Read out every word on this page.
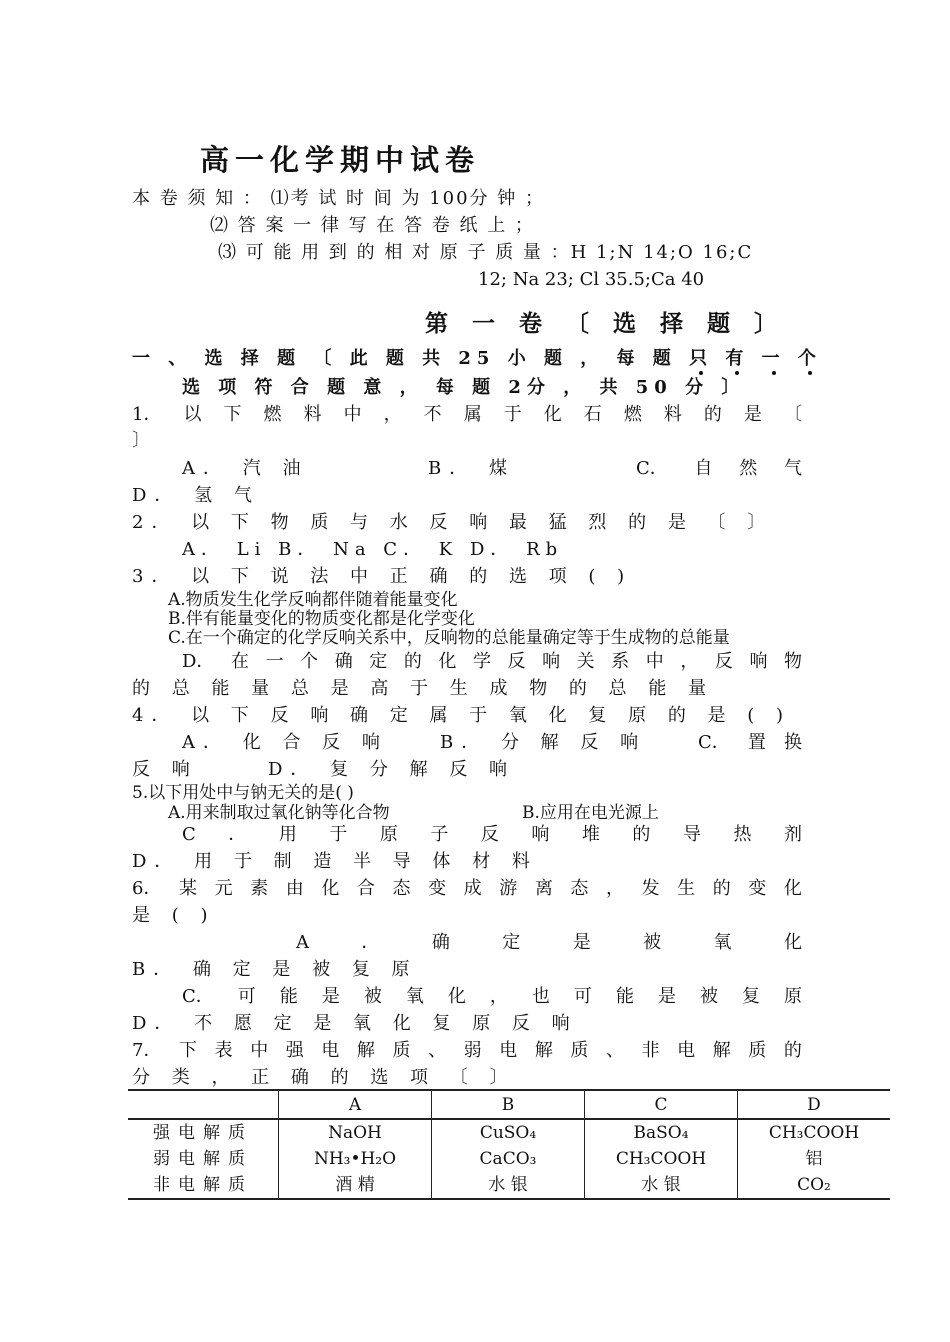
高一化学期中试卷
本 卷 须 知 ： ⑴考 试 时 间 为 100分 钟 ；
⑵ 答 案 一 律 写 在 答 卷 纸 上 ；
⑶ 可 能 用 到 的 相 对 原 子 质 量 ：H 1;N 14;O 16;C
12; Na 23; Cl 35.5;Ca 40
第 一 卷 〔 选 择 题 〕
一 、 选 择 题 〔 此 题 共 25 小 题 ， 每 题 只 有 一 个
选 项 符 合 题 意 ， 每 题 2分 ， 共 50 分 〕
1． 以 下 燃 料 中 ， 不 属 于 化 石 燃 料 的 是 〔
〕
A． 汽 油	B． 煤	C． 自 然 气
D． 氢 气
2． 以 下 物 质 与 水 反 响 最 猛 烈 的 是 〔 〕
A． Li B． Na C． K D． Rb
3． 以 下 说 法 中 正 确 的 选 项 ( )
A.物质发生化学反响都伴随着能量变化
B.伴有能量变化的物质变化都是化学变化
C.在一个确定的化学反响关系中，反响物的总能量确定等于生成物的总能量
D． 在 一 个 确 定 的 化 学 反 响 关 系 中 ， 反 响 物
的 总 能 量 总 是 高 于 生 成 物 的 总 能 量
4． 以 下 反 响 确 定 属 于 氧 化 复 原 的 是 ( )
A． 化 合 反 响	B． 分 解 反 响	C． 置 换
反 响	D． 复 分 解 反 响
5.以下用处中与钠无关的是( )
A.用来制取过氧化钠等化合物	B.应用在电光源上
C ． 用 于 原 子 反 响 堆 的 导 热 剂
D． 用 于 制 造 半 导 体 材 料
6． 某 元 素 由 化 合 态 变 成 游 离 态 ， 发 生 的 变 化
是 ( )
A	．	确	定	是	被	氧	化
B． 确 定 是 被 复 原
C． 可 能 是 被 氧 化 ， 也 可 能 是 被 复 原
D． 不 愿 定 是 氧 化 复 原 反 响
7． 下 表 中 强 电 解 质 、 弱 电 解 质 、 非 电 解 质 的
分 类 ， 正 确 的 选 项 〔 〕
	A	B	C	D
强电解质	NaOH	CuSO₄	BaSO₄	CH₃COOH
弱电解质	NH₃•H₂O	CaCO₃	CH₃COOH	铝
非电解质	酒 精	水 银	水 银	CO₂
